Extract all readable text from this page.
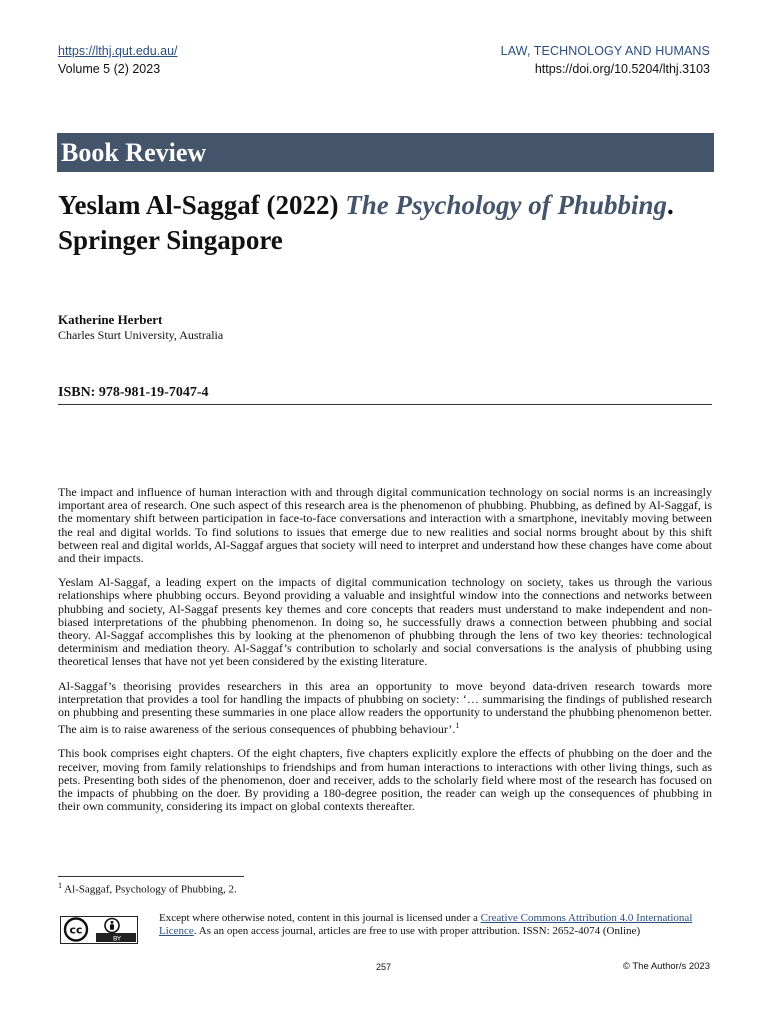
https://lthj.qut.edu.au/	LAW, TECHNOLOGY AND HUMANS
Volume 5 (2) 2023	https://doi.org/10.5204/lthj.3103
Book Review
Yeslam Al-Saggaf (2022) The Psychology of Phubbing. Springer Singapore
Katherine Herbert
Charles Sturt University, Australia
ISBN: 978-981-19-7047-4

The impact and influence of human interaction with and through digital communication technology on social norms is an increasingly important area of research. One such aspect of this research area is the phenomenon of phubbing. Phubbing, as defined by Al-Saggaf, is the momentary shift between participation in face-to-face conversations and interaction with a smartphone, inevitably moving between the real and digital worlds. To find solutions to issues that emerge due to new realities and social norms brought about by this shift between real and digital worlds, Al-Saggaf argues that society will need to interpret and understand how these changes have come about and their impacts.

Yeslam Al-Saggaf, a leading expert on the impacts of digital communication technology on society, takes us through the various relationships where phubbing occurs. Beyond providing a valuable and insightful window into the connections and networks between phubbing and society, Al-Saggaf presents key themes and core concepts that readers must understand to make independent and non-biased interpretations of the phubbing phenomenon. In doing so, he successfully draws a connection between phubbing and social theory. Al-Saggaf accomplishes this by looking at the phenomenon of phubbing through the lens of two key theories: technological determinism and mediation theory. Al-Saggaf’s contribution to scholarly and social conversations is the analysis of phubbing using theoretical lenses that have not yet been considered by the existing literature.

Al-Saggaf’s theorising provides researchers in this area an opportunity to move beyond data-driven research towards more interpretation that provides a tool for handling the impacts of phubbing on society: ‘… summarising the findings of published research on phubbing and presenting these summaries in one place allow readers the opportunity to understand the phubbing phenomenon better. The aim is to raise awareness of the serious consequences of phubbing behaviour’.$^1$

This book comprises eight chapters. Of the eight chapters, five chapters explicitly explore the effects of phubbing on the doer and the receiver, moving from family relationships to friendships and from human interactions to interactions with other living things, such as pets. Presenting both sides of the phenomenon, doer and receiver, adds to the scholarly field where most of the research has focused on the impacts of phubbing on the doer. By providing a 180-degree position, the reader can weigh up the consequences of phubbing in their own community, considering its impact on global contexts thereafter.

$^1$ Al-Saggaf, Psychology of Phubbing, 2.
cc
BY
Except where otherwise noted, content in this journal is licensed under a Creative Commons Attribution 4.0 International Licence. As an open access journal, articles are free to use with proper attribution. ISSN: 2652-4074 (Online)
257	© The Author/s 2023
